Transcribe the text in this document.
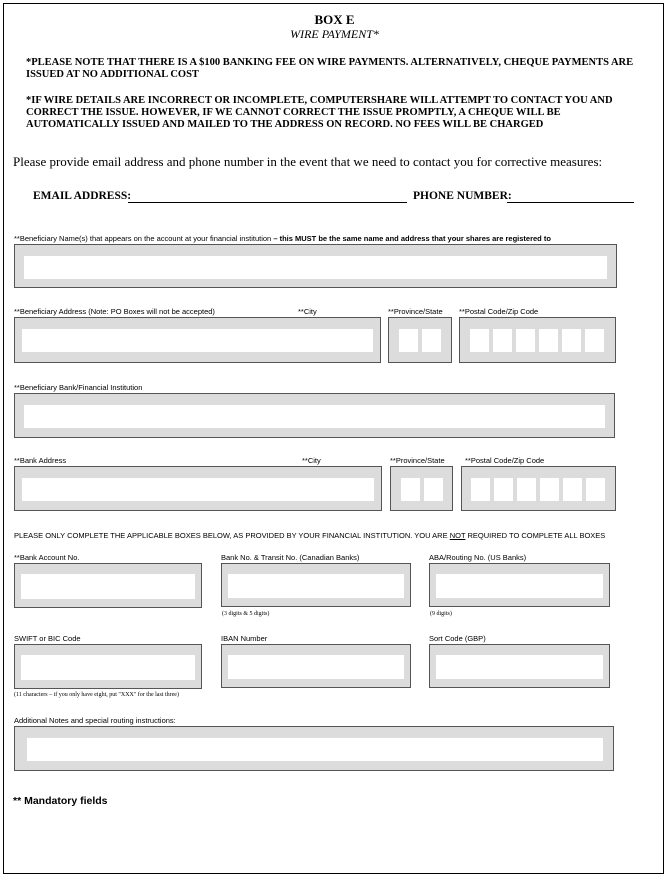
BOX E
WIRE PAYMENT*
*PLEASE NOTE THAT THERE IS A $100 BANKING FEE ON WIRE PAYMENTS. ALTERNATIVELY, CHEQUE PAYMENTS ARE ISSUED AT NO ADDITIONAL COST
*IF WIRE DETAILS ARE INCORRECT OR INCOMPLETE, COMPUTERSHARE WILL ATTEMPT TO CONTACT YOU AND CORRECT THE ISSUE. HOWEVER, IF WE CANNOT CORRECT THE ISSUE PROMPTLY, A CHEQUE WILL BE AUTOMATICALLY ISSUED AND MAILED TO THE ADDRESS ON RECORD. NO FEES WILL BE CHARGED
Please provide email address and phone number in the event that we need to contact you for corrective measures:
EMAIL ADDRESS:	PHONE NUMBER:
**Beneficiary Name(s) that appears on the account at your financial institution – this MUST be the same name and address that your shares are registered to
**Beneficiary Address (Note: PO Boxes will not be accepted)	**City	**Province/State **Postal Code/Zip Code
**Beneficiary Bank/Financial Institution
**Bank Address	**City	**Province/State	**Postal Code/Zip Code
PLEASE ONLY COMPLETE THE APPLICABLE BOXES BELOW, AS PROVIDED BY YOUR FINANCIAL INSTITUTION. YOU ARE NOT REQUIRED TO COMPLETE ALL BOXES
**Bank Account No.	Bank No. & Transit No. (Canadian Banks)	ABA/Routing No. (US Banks)
(3 digits & 5 digits)	(9 digits)
SWIFT or BIC Code	IBAN Number	Sort Code (GBP)
(11 characters – if you only have eight, put "XXX" for the last three)
Additional Notes and special routing instructions:
** Mandatory fields
